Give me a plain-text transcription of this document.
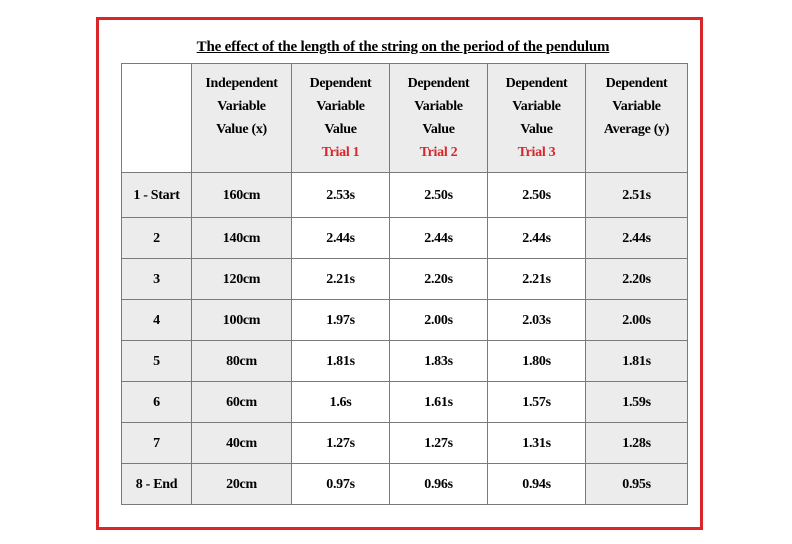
The effect of the length of the string on the period of the pendulum

	Independent
Variable
Value (x)	Dependent
Variable
Value
Trial 1	Dependent
Variable
Value
Trial 2	Dependent
Variable
Value
Trial 3	Dependent
Variable
Average (y)

1 - Start	160cm	2.53s	2.50s	2.50s	2.51s
2	140cm	2.44s	2.44s	2.44s	2.44s
3	120cm	2.21s	2.20s	2.21s	2.20s
4	100cm	1.97s	2.00s	2.03s	2.00s
5	80cm	1.81s	1.83s	1.80s	1.81s
6	60cm	1.6s	1.61s	1.57s	1.59s
7	40cm	1.27s	1.27s	1.31s	1.28s
8 - End	20cm	0.97s	0.96s	0.94s	0.95s
